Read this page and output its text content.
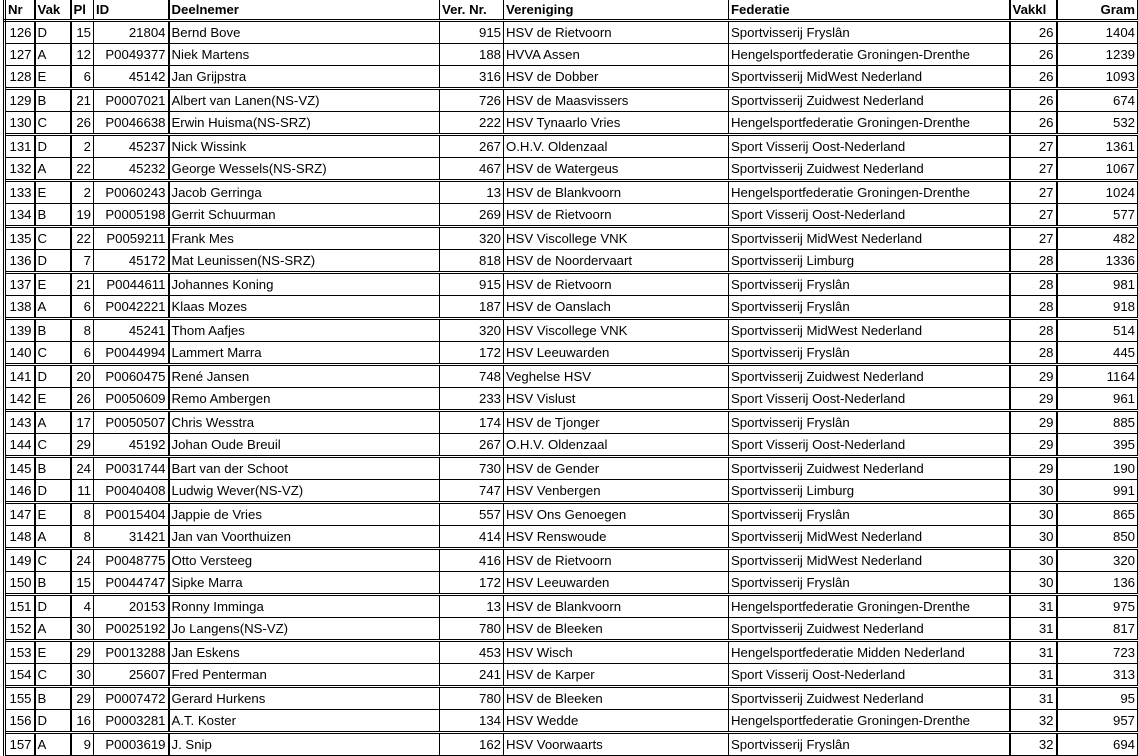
Nr	Vak	Pl	ID	Deelnemer	Ver. Nr.	Vereniging	Federatie	Vakkl	Gram
126	D	15	21804	Bernd Bove	915	HSV de Rietvoorn	Sportvisserij Fryslân	26	1404
127	A	12	P0049377	Niek Martens	188	HVVA Assen	Hengelsportfederatie Groningen-Drenthe	26	1239
128	E	6	45142	Jan Grijpstra	316	HSV de Dobber	Sportvisserij MidWest Nederland	26	1093
129	B	21	P0007021	Albert van Lanen(NS-VZ)	726	HSV de Maasvissers	Sportvisserij Zuidwest Nederland	26	674
130	C	26	P0046638	Erwin Huisma(NS-SRZ)	222	HSV Tynaarlo Vries	Hengelsportfederatie Groningen-Drenthe	26	532
131	D	2	45237	Nick Wissink	267	O.H.V. Oldenzaal	Sport Visserij Oost-Nederland	27	1361
132	A	22	45232	George Wessels(NS-SRZ)	467	HSV de Watergeus	Sportvisserij Zuidwest Nederland	27	1067
133	E	2	P0060243	Jacob Gerringa	13	HSV de Blankvoorn	Hengelsportfederatie Groningen-Drenthe	27	1024
134	B	19	P0005198	Gerrit Schuurman	269	HSV de Rietvoorn	Sport Visserij Oost-Nederland	27	577
135	C	22	P0059211	Frank Mes	320	HSV Viscollege VNK	Sportvisserij MidWest Nederland	27	482
136	D	7	45172	Mat Leunissen(NS-SRZ)	818	HSV de Noordervaart	Sportvisserij Limburg	28	1336
137	E	21	P0044611	Johannes Koning	915	HSV de Rietvoorn	Sportvisserij Fryslân	28	981
138	A	6	P0042221	Klaas Mozes	187	HSV de Oanslach	Sportvisserij Fryslân	28	918
139	B	8	45241	Thom Aafjes	320	HSV Viscollege VNK	Sportvisserij MidWest Nederland	28	514
140	C	6	P0044994	Lammert Marra	172	HSV Leeuwarden	Sportvisserij Fryslân	28	445
141	D	20	P0060475	René Jansen	748	Veghelse HSV	Sportvisserij Zuidwest Nederland	29	1164
142	E	26	P0050609	Remo Ambergen	233	HSV Vislust	Sport Visserij Oost-Nederland	29	961
143	A	17	P0050507	Chris Wesstra	174	HSV de Tjonger	Sportvisserij Fryslân	29	885
144	C	29	45192	Johan Oude Breuil	267	O.H.V. Oldenzaal	Sport Visserij Oost-Nederland	29	395
145	B	24	P0031744	Bart van der Schoot	730	HSV de Gender	Sportvisserij Zuidwest Nederland	29	190
146	D	11	P0040408	Ludwig Wever(NS-VZ)	747	HSV Venbergen	Sportvisserij Limburg	30	991
147	E	8	P0015404	Jappie de Vries	557	HSV Ons Genoegen	Sportvisserij Fryslân	30	865
148	A	8	31421	Jan van Voorthuizen	414	HSV Renswoude	Sportvisserij MidWest Nederland	30	850
149	C	24	P0048775	Otto Versteeg	416	HSV de Rietvoorn	Sportvisserij MidWest Nederland	30	320
150	B	15	P0044747	Sipke Marra	172	HSV Leeuwarden	Sportvisserij Fryslân	30	136
151	D	4	20153	Ronny Imminga	13	HSV de Blankvoorn	Hengelsportfederatie Groningen-Drenthe	31	975
152	A	30	P0025192	Jo Langens(NS-VZ)	780	HSV de Bleeken	Sportvisserij Zuidwest Nederland	31	817
153	E	29	P0013288	Jan Eskens	453	HSV Wisch	Hengelsportfederatie Midden Nederland	31	723
154	C	30	25607	Fred Penterman	241	HSV de Karper	Sport Visserij Oost-Nederland	31	313
155	B	29	P0007472	Gerard Hurkens	780	HSV de Bleeken	Sportvisserij Zuidwest Nederland	31	95
156	D	16	P0003281	A.T. Koster	134	HSV Wedde	Hengelsportfederatie Groningen-Drenthe	32	957
157	A	9	P0003619	J. Snip	162	HSV Voorwaarts	Sportvisserij Fryslân	32	694
